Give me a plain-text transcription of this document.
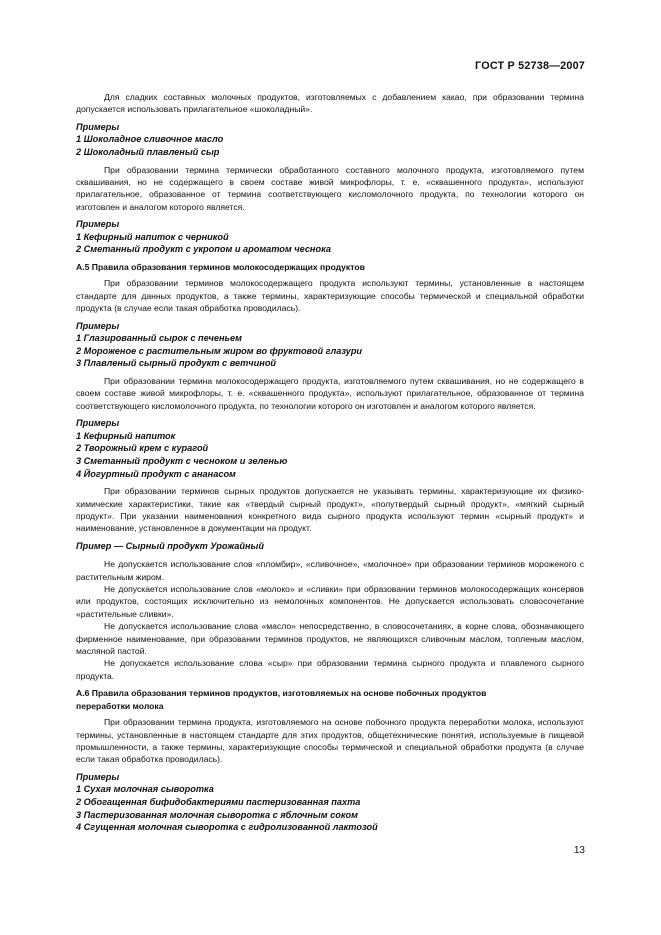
ГОСТ Р 52738—2007

Для сладких составных молочных продуктов, изготовляемых с добавлением какао, при образовании термина допускается использовать прилагательное «шоколадный».

Примеры
1 Шоколадное сливочное масло
2 Шоколадный плавленый сыр

При образовании термина термически обработанного составного молочного продукта, изготовляемого путем сквашивания, но не содержащего в своем составе живой микрофлоры, т. е. «сквашенного продукта», используют прилагательное, образованное от термина соответствующего кисломолочного продукта, по технологии которого он изготовлен и аналогом которого является.

Примеры
1 Кефирный напиток с черникой
2 Сметанный продукт с укропом и ароматом чеснока
А.5 Правила образования терминов молокосодержащих продуктов

При образовании терминов молокосодержащего продукта используют термины, установленные в настоящем стандарте для данных продуктов, а также термины, характеризующие способы термической и специальной обработки продукта (в случае если такая обработка проводилась).

Примеры
1 Глазированный сырок с печеньем
2 Мороженое с растительным жиром во фруктовой глазури
3 Плавленый сырный продукт с ветчиной

При образовании термина молокосодержащего продукта, изготовляемого путем сквашивания, но не содержащего в своем составе живой микрофлоры, т. е. «сквашенного продукта», используют прилагательное, образованное от термина соответствующего кисломолочного продукта, по технологии которого он изготовлен и аналогом которого является.

Примеры
1 Кефирный напиток
2 Творожный крем с курагой
3 Сметанный продукт с чесноком и зеленью
4 Йогуртный продукт с ананасом

При образовании терминов сырных продуктов допускается не указывать термины, характеризующие их физико-химические характеристики, такие как «твердый сырный продукт», «полутвердый сырный продукт», «мягкий сырный продукт». При указании наименования конкретного вида сырного продукта используют термин «сырный продукт» и наименование, установленное в документации на продукт.

Пример — Сырный продукт Урожайный

Не допускается использование слов «пломбир», «сливочное», «молочное» при образовании терминов мороженого с растительным жиром.

Не допускается использование слов «молоко» и «сливки» при образовании терминов молокосодержащих консервов или продуктов, состоящих исключительно из немолочных компонентов. Не допускается использовать словосочетание «растительные сливки».

Не допускается использование слова «масло» непосредственно, в словосочетаниях, в корне слова, обозначающего фирменное наименование, при образовании терминов продуктов, не являющихся сливочным маслом, топленым маслом, масляной пастой.

Не допускается использование слова «сыр» при образовании термина сырного продукта и плавленого сырного продукта.

А.6 Правила образования терминов продуктов, изготовляемых на основе побочных продуктов
переработки молока

При образовании термина продукта, изготовляемого на основе побочного продукта переработки молока, используют термины, установленные в настоящем стандарте для этих продуктов, общетехнические понятия, используемые в пищевой промышленности, а также термины, характеризующие способы термической и специальной обработки продукта (в случае если такая обработка проводилась).

Примеры
1 Сухая молочная сыворотка
2 Обогащенная бифидобактериями пастеризованная пахта
3 Пастеризованная молочная сыворотка с яблочным соком
4 Сгущенная молочная сыворотка с гидролизованной лактозой
13
